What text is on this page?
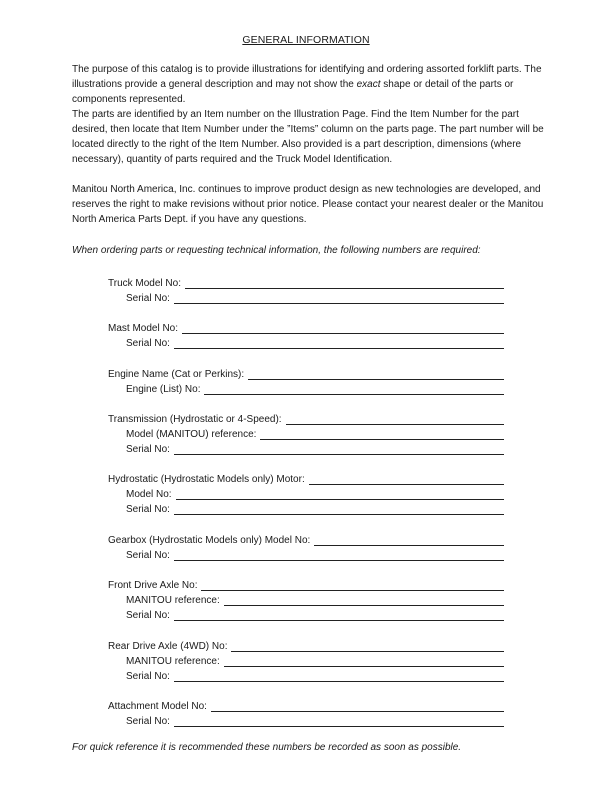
GENERAL INFORMATION
The purpose of this catalog is to provide illustrations for identifying and ordering assorted forklift parts. The illustrations provide a general description and may not show the exact shape or detail of the parts or components represented.
The parts are identified by an Item number on the Illustration Page. Find the Item Number for the part desired, then locate that Item Number under the ”Items” column on the parts page. The part number will be located directly to the right of the Item Number. Also provided is a part description, dimensions (where necessary), quantity of parts required and the Truck Model Identification.
Manitou North America, Inc. continues to improve product design as new technologies are developed, and reserves the right to make revisions without prior notice. Please contact your nearest dealer or the Manitou North America Parts Dept. if you have any questions.
When ordering parts or requesting technical information, the following numbers are required:
Truck Model No:
Serial No:
Mast Model No:
Serial No:
Engine Name (Cat or Perkins):
Engine (List) No:
Transmission (Hydrostatic or 4-Speed):
Model (MANITOU) reference:
Serial No:
Hydrostatic (Hydrostatic Models only) Motor:
Model No:
Serial No:
Gearbox (Hydrostatic Models only) Model No:
Serial No:
Front Drive Axle No:
MANITOU reference:
Serial No:
Rear Drive Axle (4WD) No:
MANITOU reference:
Serial No:
Attachment Model No:
Serial No:
For quick reference it is recommended these numbers be recorded as soon as possible.
